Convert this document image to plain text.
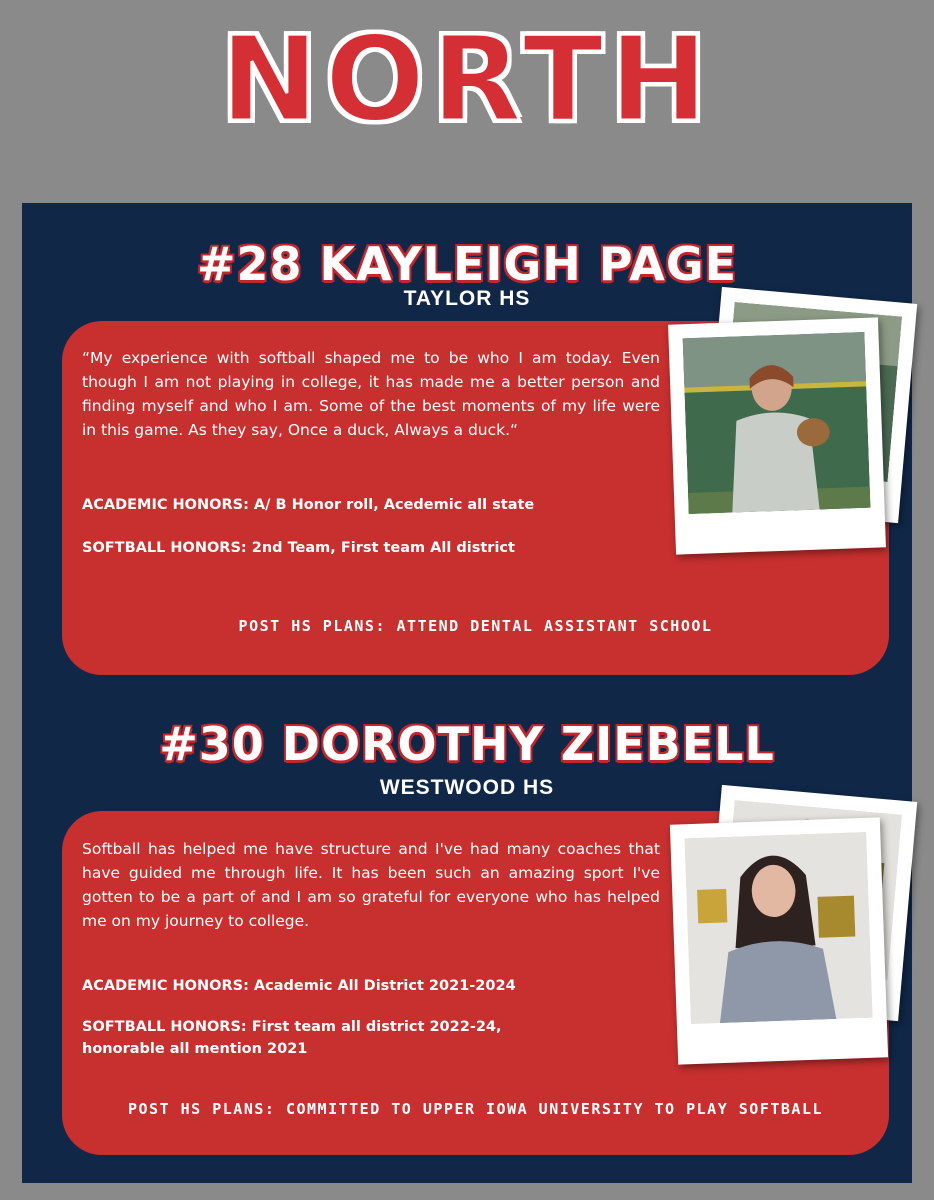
NORTH
#28 KAYLEIGH PAGE
TAYLOR HS
“My experience with softball shaped me to be who I am today. Even though I am not playing in college, it has made me a better person and finding myself and who I am. Some of the best moments of my life were in this game. As they say, Once a duck, Always a duck.“
ACADEMIC HONORS: A/ B Honor roll, Acedemic all state
SOFTBALL HONORS: 2nd Team, First team All district
POST HS PLANS: ATTEND DENTAL ASSISTANT SCHOOL
#30 DOROTHY ZIEBELL
WESTWOOD HS
Softball has helped me have structure and I've had many coaches that have guided me through life. It has been such an amazing sport I've gotten to be a part of and I am so grateful for everyone who has helped me on my journey to college.
ACADEMIC HONORS: Academic All District 2021-2024
SOFTBALL HONORS: First team all district 2022-24, honorable all mention 2021
POST HS PLANS: COMMITTED TO UPPER IOWA UNIVERSITY TO PLAY SOFTBALL
